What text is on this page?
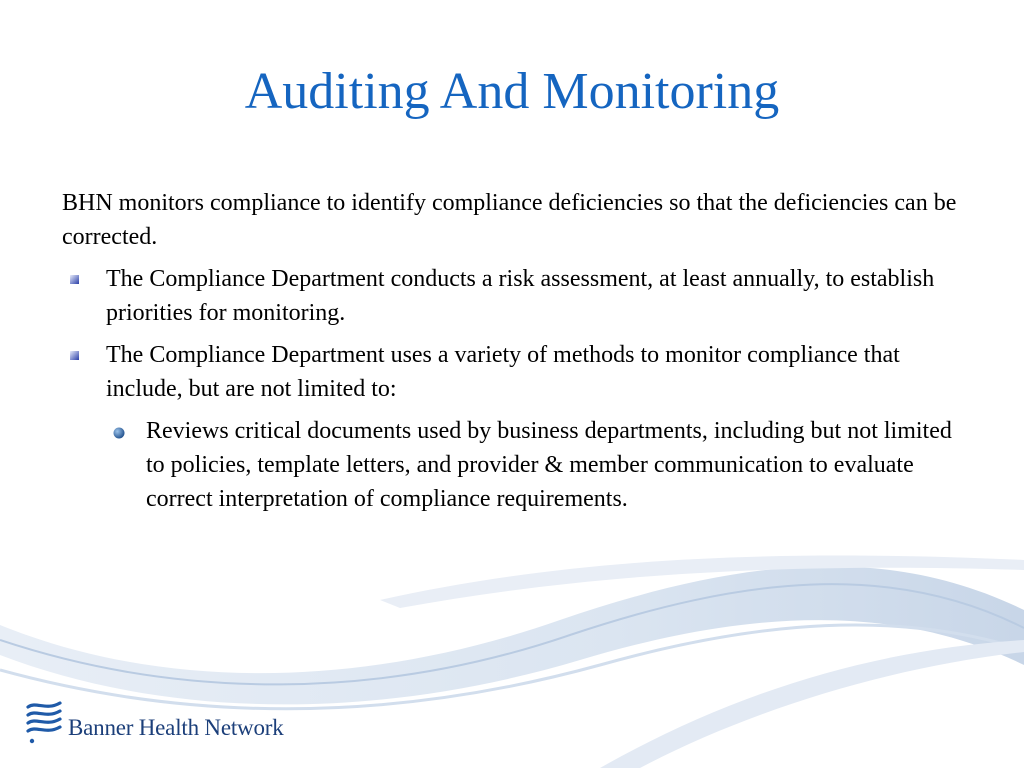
Auditing And Monitoring

BHN monitors compliance to identify compliance deficiencies so that the deficiencies can be corrected.

The Compliance Department conducts a risk assessment, at least annually, to establish priorities for monitoring.
The Compliance Department uses a variety of methods to monitor compliance that include, but are not limited to:
Reviews critical documents used by business departments, including but not limited to policies, template letters, and provider & member communication to evaluate correct interpretation of compliance requirements.
Banner Health Network
